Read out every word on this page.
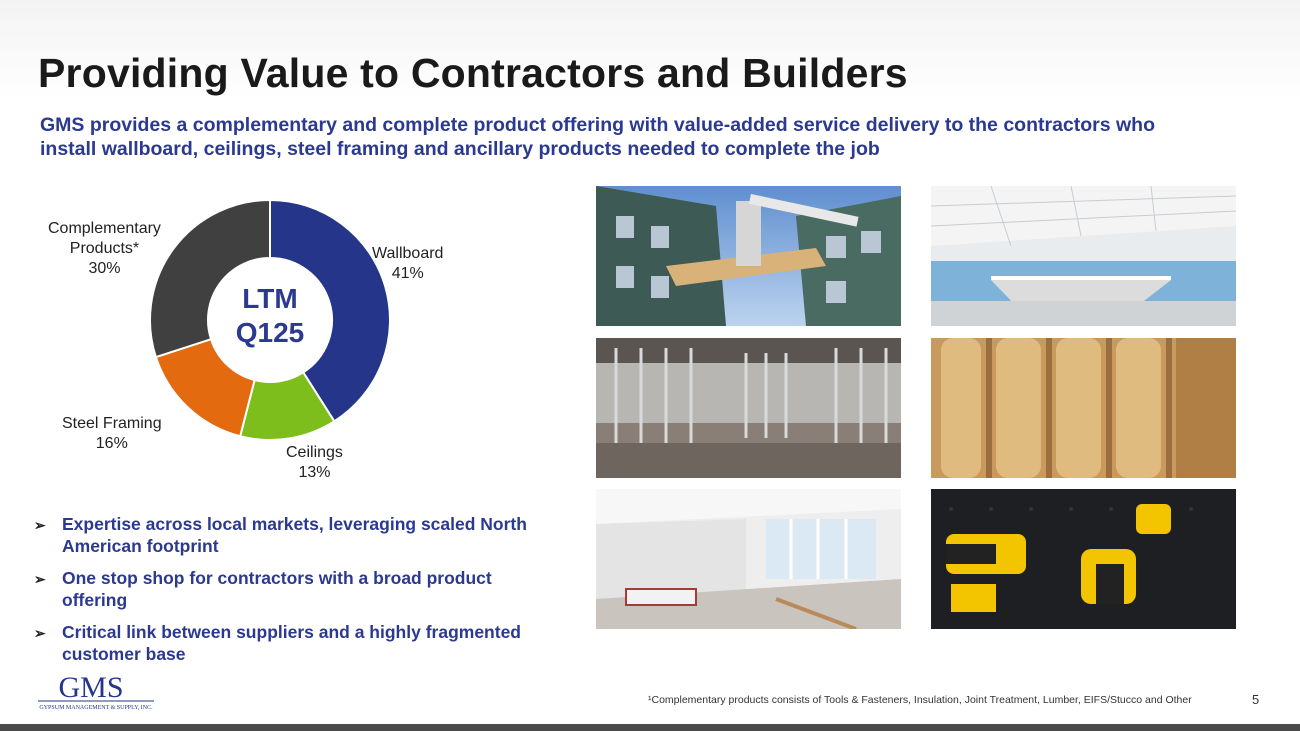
Providing Value to Contractors and Builders
GMS provides a complementary and complete product offering with value-added service delivery to the contractors who install wallboard, ceilings, steel framing and ancillary products needed to complete the job
LTM
Q125
Wallboard
41%
Ceilings
13%
Steel Framing
16%
Complementary
Products*
30%
➢ Expertise across local markets, leveraging scaled North American footprint
➢ One stop shop for contractors with a broad product offering
➢ Critical link between suppliers and a highly fragmented customer base
GMS
GYPSUM MANAGEMENT & SUPPLY, INC.
¹Complementary products consists of Tools & Fasteners, Insulation, Joint Treatment, Lumber, EIFS/Stucco and Other	5
